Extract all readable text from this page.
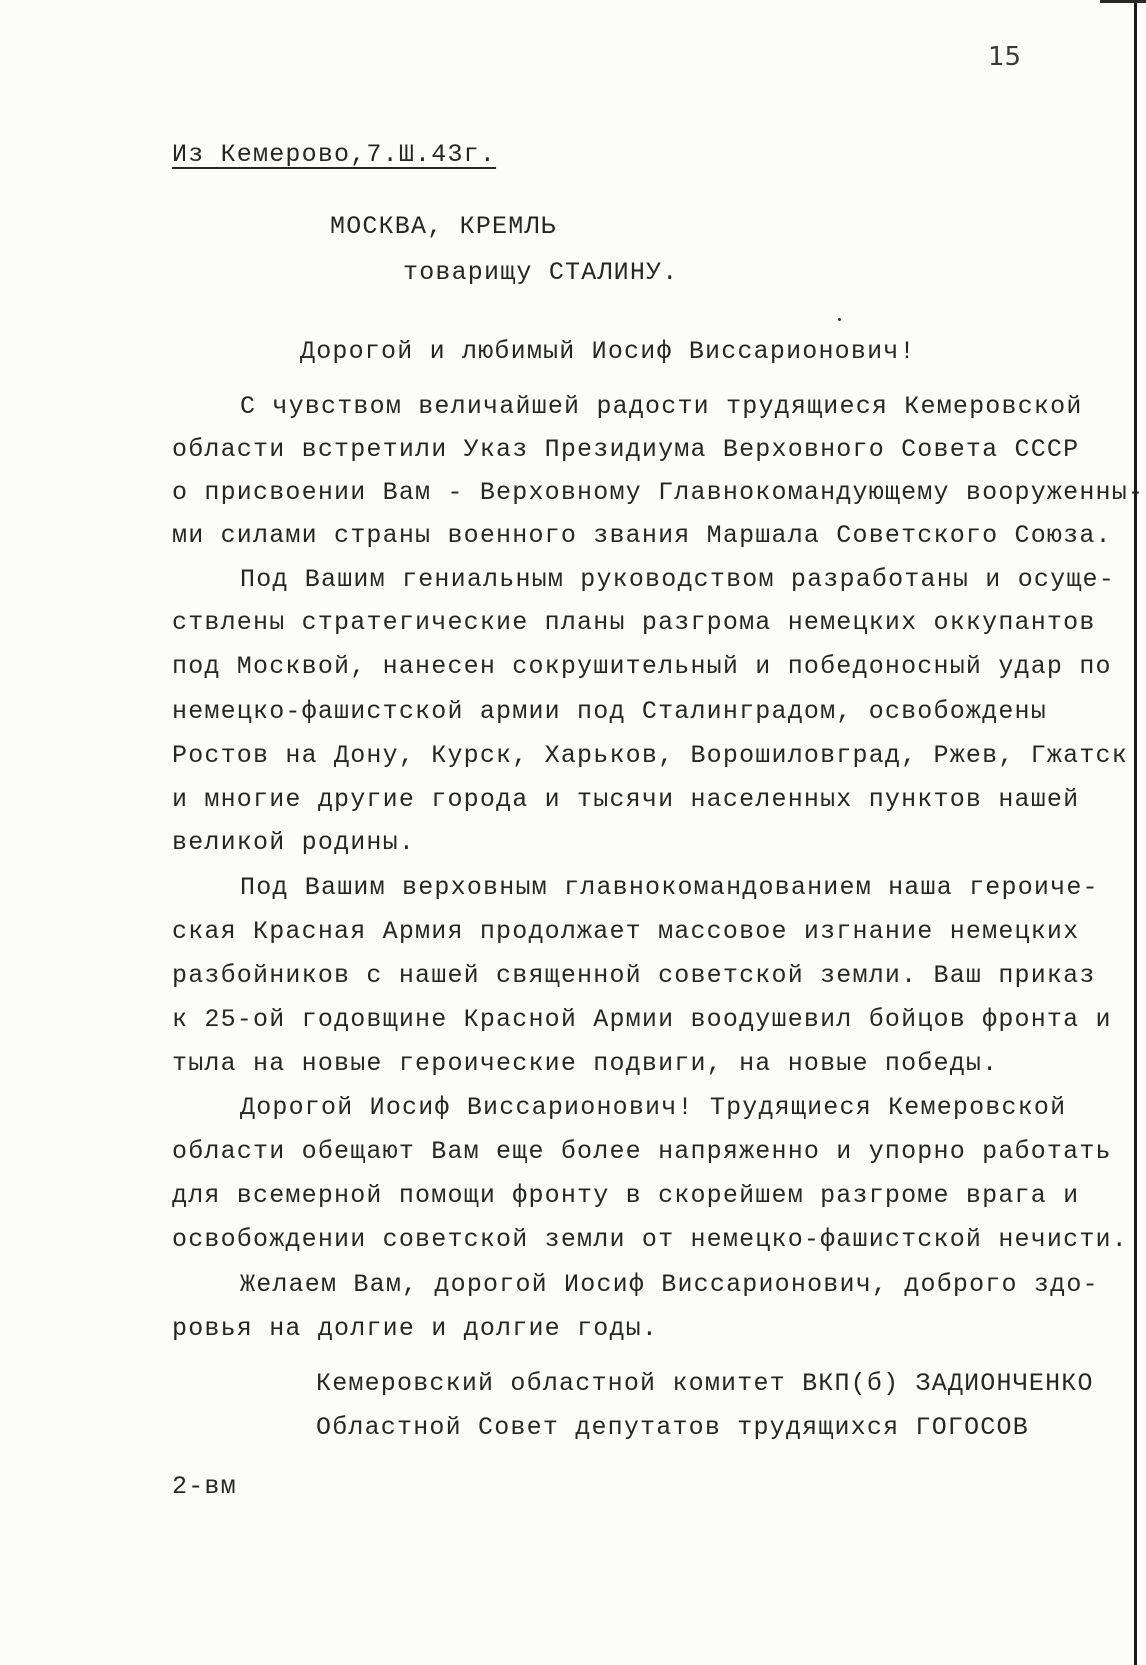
15
Из Кемерово,7.Ш.43г.
МОСКВА, КРЕМЛЬ
товарищу СТАЛИНУ.
Дорогой и любимый Иосиф Виссарионович!
С чувством величайшей радости трудящиеся Кемеровской
области встретили Указ Президиума Верховного Совета СССР
о присвоении Вам - Верховному Главнокомандующему вооруженны-
ми силами страны военного звания Маршала Советского Союза.
Под Вашим гениальным руководством разработаны и осуще-
ствлены стратегические планы разгрома немецких оккупантов
под Москвой, нанесен сокрушительный и победоносный удар по
немецко-фашистской армии под Сталинградом, освобождены
Ростов на Дону, Курск, Харьков, Ворошиловград, Ржев, Гжатск
и многие другие города и тысячи населенных пунктов нашей
великой родины.
Под Вашим верховным главнокомандованием наша герoиче-
ская Красная Армия продолжает массовое изгнание немецких
разбойников с нашей священной советской земли. Ваш приказ
к 25-ой годовщине Красной Армии воодушевил бойцов фронта и
тыла на новые героические подвиги, на новые победы.
Дорогой Иосиф Виссарионович! Трудящиеся Кемеровской
области обещают Вам еще более напряженно и упорно работать
для всемерной помощи фронту в скорейшем разгроме врага и
освобождении советской земли от немецко-фашистской нечисти.
Желаем Вам, дорогой Иосиф Виссарионович, доброго здо-
ровья на долгие и долгие годы.
Кемеровский областной комитет ВКП(б) ЗАДИОНЧЕНКО
Областной Совет депутатов трудящихся ГОГОСОВ
2-вм
